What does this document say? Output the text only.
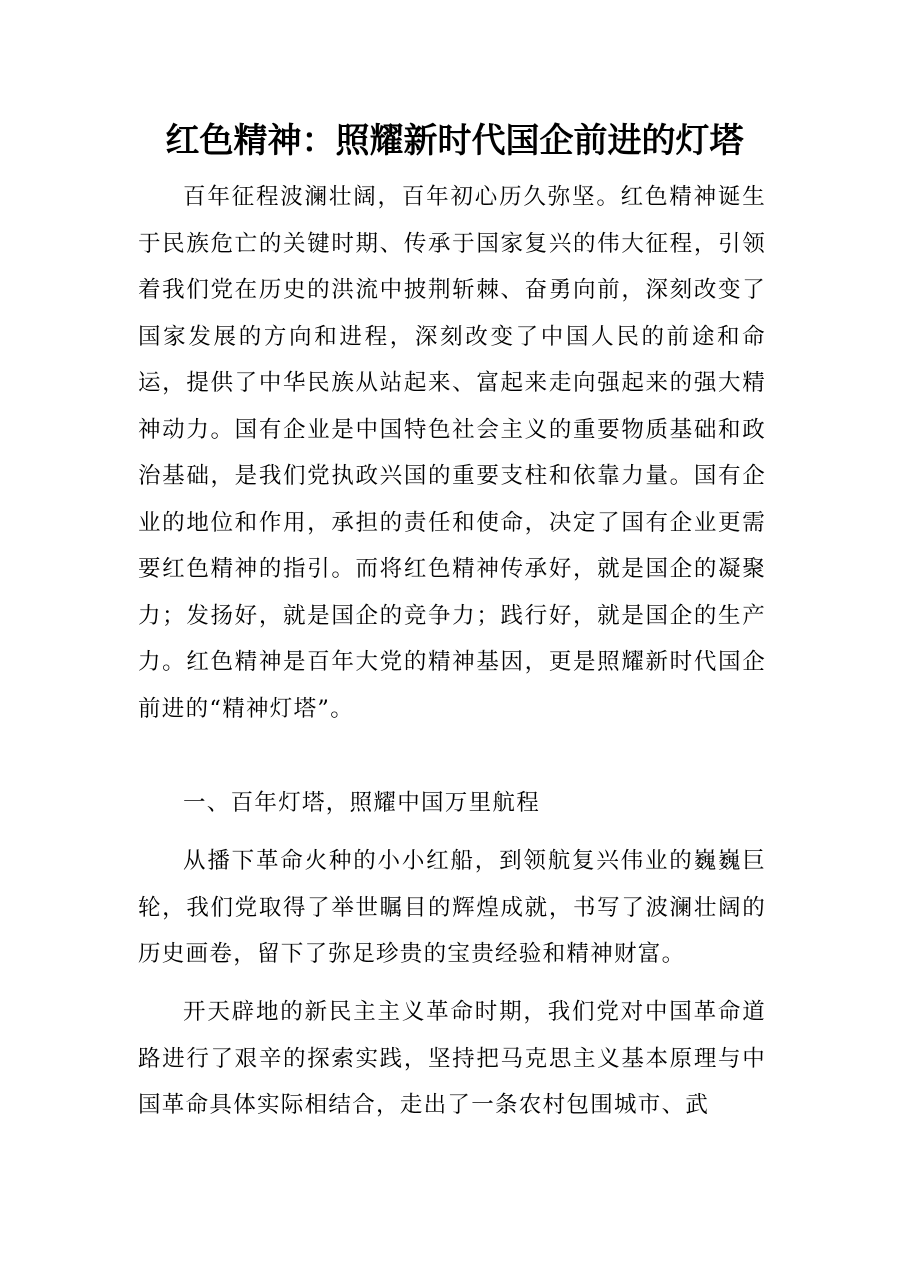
红色精神：照耀新时代国企前进的灯塔

百年征程波澜壮阔，百年初心历久弥坚。红色精神诞生于民族危亡的关键时期、传承于国家复兴的伟大征程，引领着我们党在历史的洪流中披荆斩棘、奋勇向前，深刻改变了国家发展的方向和进程，深刻改变了中国人民的前途和命运，提供了中华民族从站起来、富起来走向强起来的强大精神动力。国有企业是中国特色社会主义的重要物质基础和政治基础，是我们党执政兴国的重要支柱和依靠力量。国有企业的地位和作用，承担的责任和使命，决定了国有企业更需要红色精神的指引。而将红色精神传承好，就是国企的凝聚力；发扬好，就是国企的竞争力；践行好，就是国企的生产力。红色精神是百年大党的精神基因，更是照耀新时代国企前进的“精神灯塔”。

一、百年灯塔，照耀中国万里航程

从播下革命火种的小小红船，到领航复兴伟业的巍巍巨轮，我们党取得了举世瞩目的辉煌成就，书写了波澜壮阔的历史画卷，留下了弥足珍贵的宝贵经验和精神财富。

开天辟地的新民主主义革命时期，我们党对中国革命道路进行了艰辛的探索实践，坚持把马克思主义基本原理与中国革命具体实际相结合，走出了一条农村包围城市、武
